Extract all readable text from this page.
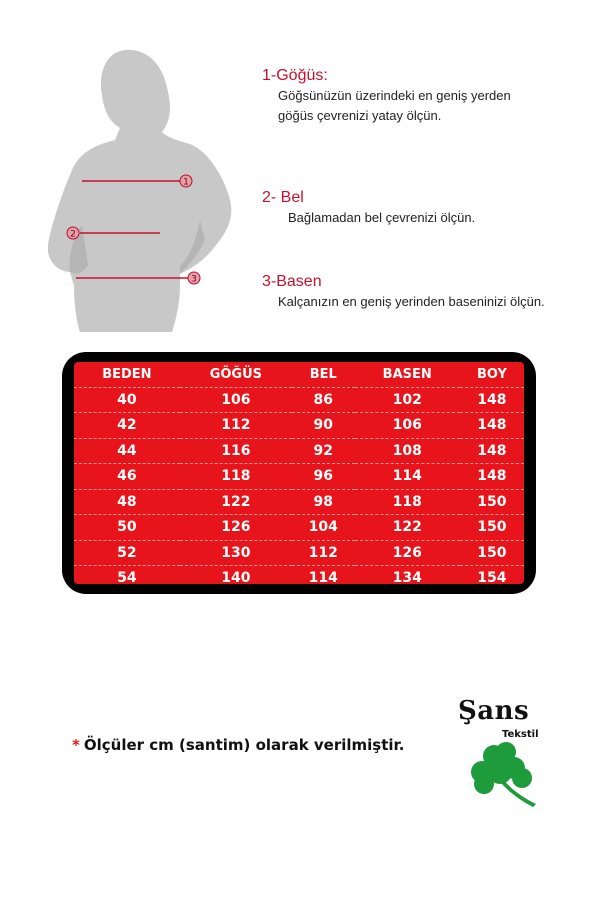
1
2
3
1-Göğüs:
Göğsünüzün üzerindeki en geniş yerden göğüs çevrenizi yatay ölçün.
2- Bel
Bağlamadan bel çevrenizi ölçün.
3-Basen
Kalçanızın en geniş yerinden baseninizi ölçün.
BEDEN	GÖĞÜS	BEL	BASEN	BOY
40	106	86	102	148
42	112	90	106	148
44	116	92	108	148
46	118	96	114	148
48	122	98	118	150
50	126	104	122	150
52	130	112	126	150
54	140	114	134	154
* Ölçüler cm (santim) olarak verilmiştir.
Şans
Tekstil
